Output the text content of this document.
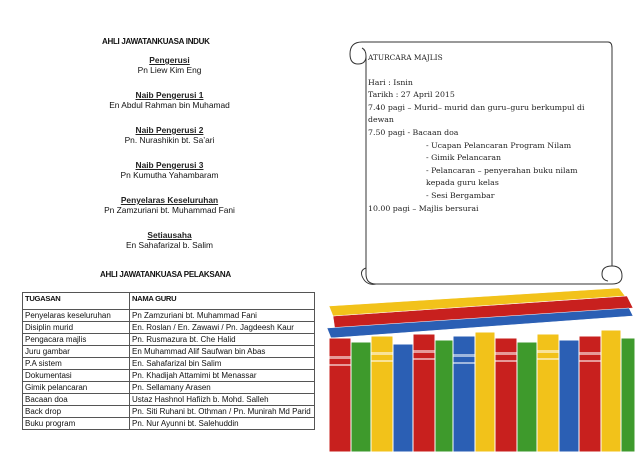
AHLI JAWATANKUASA INDUK
Pengerusi
Pn Liew Kim Eng
Naib Pengerusi 1
En Abdul Rahman bin Muhamad
Naib Pengerusi 2
Pn. Nurashikin bt. Sa’ari
Naib Pengerusi 3
Pn Kumutha Yahambaram
Penyelaras Keseluruhan
Pn Zamzuriani bt. Muhammad Fani
Setiausaha
En Sahafarizal b. Salim
AHLI JAWATANKUASA PELAKSANA
TUGASAN	NAMA GURU
Penyelaras keseluruhan	Pn Zamzuriani bt. Muhammad Fani
Disiplin murid	En. Roslan / En. Zawawi / Pn. Jagdeesh Kaur
Pengacara majlis	Pn. Rusmazura bt. Che Halid
Juru gambar	En Muhammad Alif Saufwan bin Abas
P.A sistem	En. Sahafarizal bin Salim
Dokumentasi	Pn. Khadijah Attamimi bt Menassar
Gimik pelancaran	Pn. Sellamany Arasen
Bacaan doa	Ustaz Hashnol Hafiizh b. Mohd. Salleh
Back drop	Pn. Siti Ruhani bt. Othman / Pn. Munirah Md Parid
Buku program	Pn. Nur Ayunni bt. Salehuddin
ATURCARA MAJLIS
Hari : Isnin
Tarikh : 27 April 2015
7.40 pagi – Murid– murid dan guru–guru berkumpul di dewan
7.50 pagi - Bacaan doa
- Ucapan Pelancaran Program Nilam
- Gimik Pelancaran
- Pelancaran – penyerahan buku nilam kepada guru kelas
- Sesi Bergambar
10.00 pagi – Majlis bersurai
